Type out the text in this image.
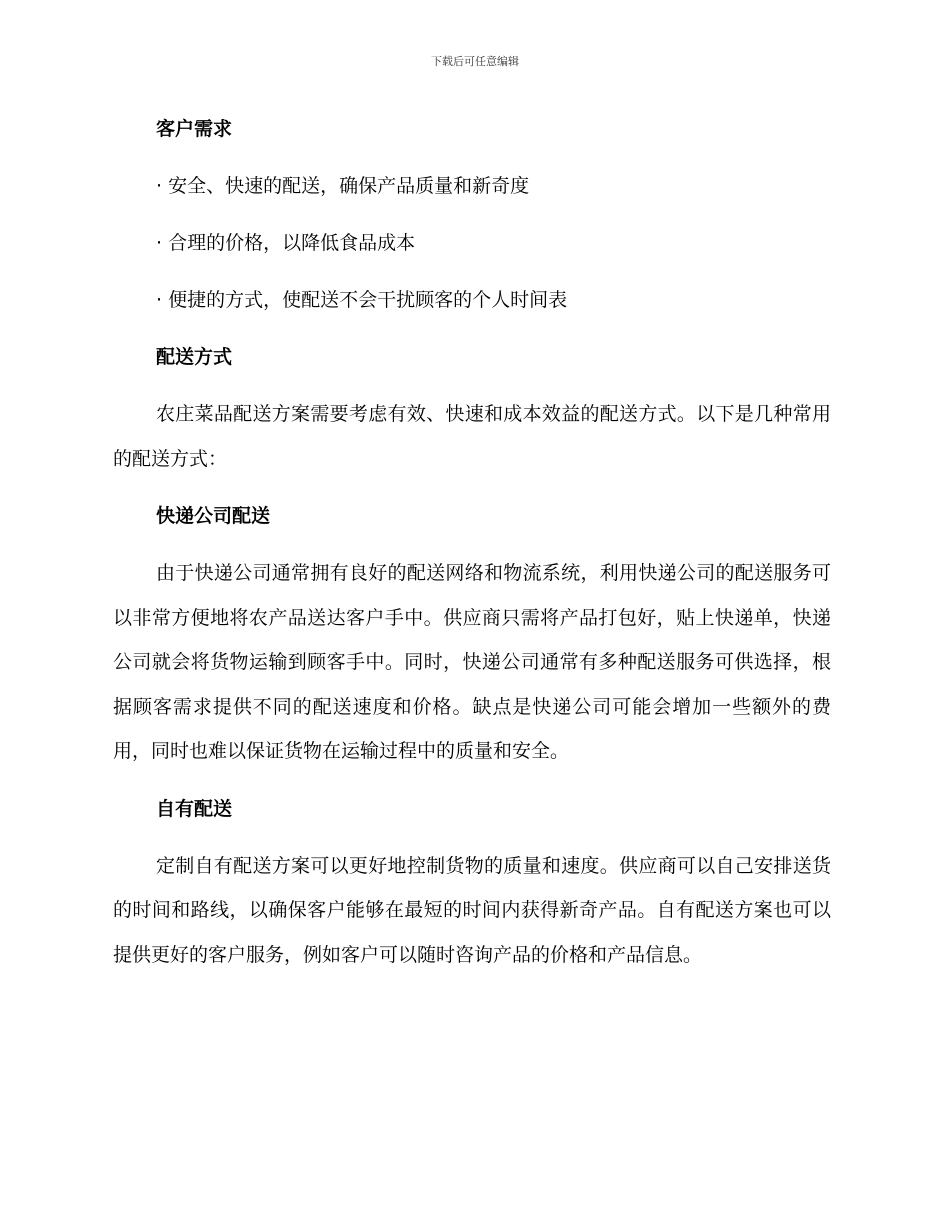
下载后可任意编辑
客户需求

· 安全、快速的配送，确保产品质量和新奇度

· 合理的价格，以降低食品成本

· 便捷的方式，使配送不会干扰顾客的个人时间表

配送方式

农庄菜品配送方案需要考虑有效、快速和成本效益的配送方式。以下是几种常用的配送方式：

快递公司配送

由于快递公司通常拥有良好的配送网络和物流系统，利用快递公司的配送服务可以非常方便地将农产品送达客户手中。供应商只需将产品打包好，贴上快递单，快递公司就会将货物运输到顾客手中。同时，快递公司通常有多种配送服务可供选择，根据顾客需求提供不同的配送速度和价格。缺点是快递公司可能会增加一些额外的费用，同时也难以保证货物在运输过程中的质量和安全。

自有配送

定制自有配送方案可以更好地控制货物的质量和速度。供应商可以自己安排送货的时间和路线，以确保客户能够在最短的时间内获得新奇产品。自有配送方案也可以提供更好的客户服务，例如客户可以随时咨询产品的价格和产品信息。
